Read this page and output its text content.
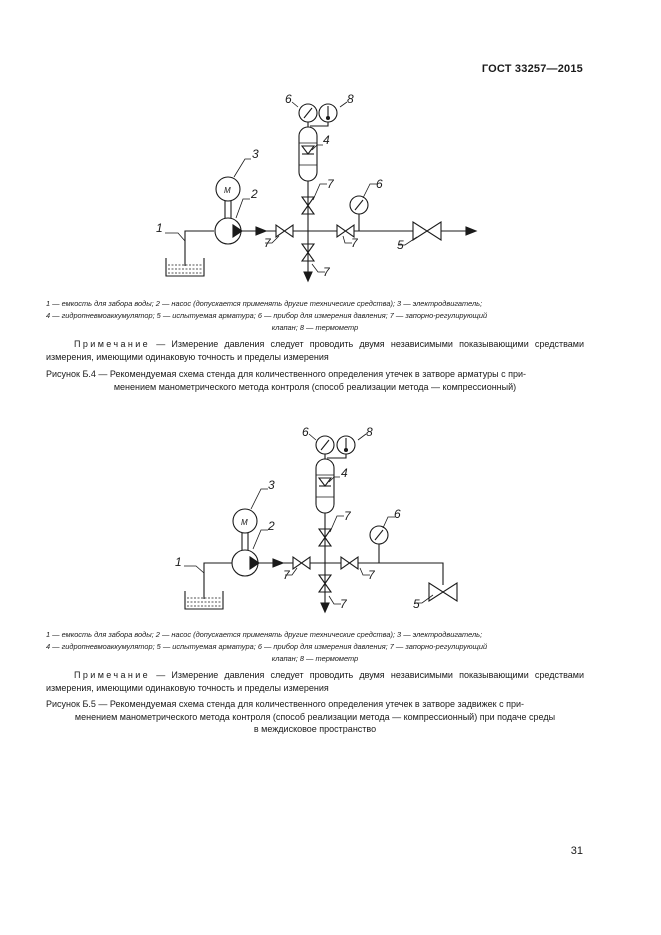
ГОСТ 33257—2015
М
1
2
3
4
5
6
6
7
7	7
7
8
1 — емкость для забора воды; 2 — насос (допускается применять другие технические средства); 3 — электродвигатель;
4 — гидропневмоаккумулятор; 5 — испытуемая арматура; 6 — прибор для измерения давления; 7 — запорно-регулирующий
клапан; 8 — термометр
Примечание — Измерение давления следует проводить двумя независимыми показывающими средствами измерения, имеющими одинаковую точность и пределы измерения
Рисунок Б.4 — Рекомендуемая схема стенда для количественного определения утечек в затворе арматуры с при-
менением манометрического метода контроля (способ реализации метода — компрессионный)
М
1
2
3
4
5
6
6
7
7	7
7
8
1 — емкость для забора воды; 2 — насос (допускается применять другие технические средства); 3 — электродвигатель;
4 — гидропневмоаккумулятор; 5 — испытуемая арматура; 6 — прибор для измерения давления; 7 — запорно-регулирующий
клапан; 8 — термометр
Примечание — Измерение давления следует проводить двумя независимыми показывающими средствами измерения, имеющими одинаковую точность и пределы измерения
Рисунок Б.5 — Рекомендуемая схема стенда для количественного определения утечек в затворе задвижек с при-
менением манометрического метода контроля (способ реализации метода — компрессионный) при подаче среды
в междисковое пространство
31
